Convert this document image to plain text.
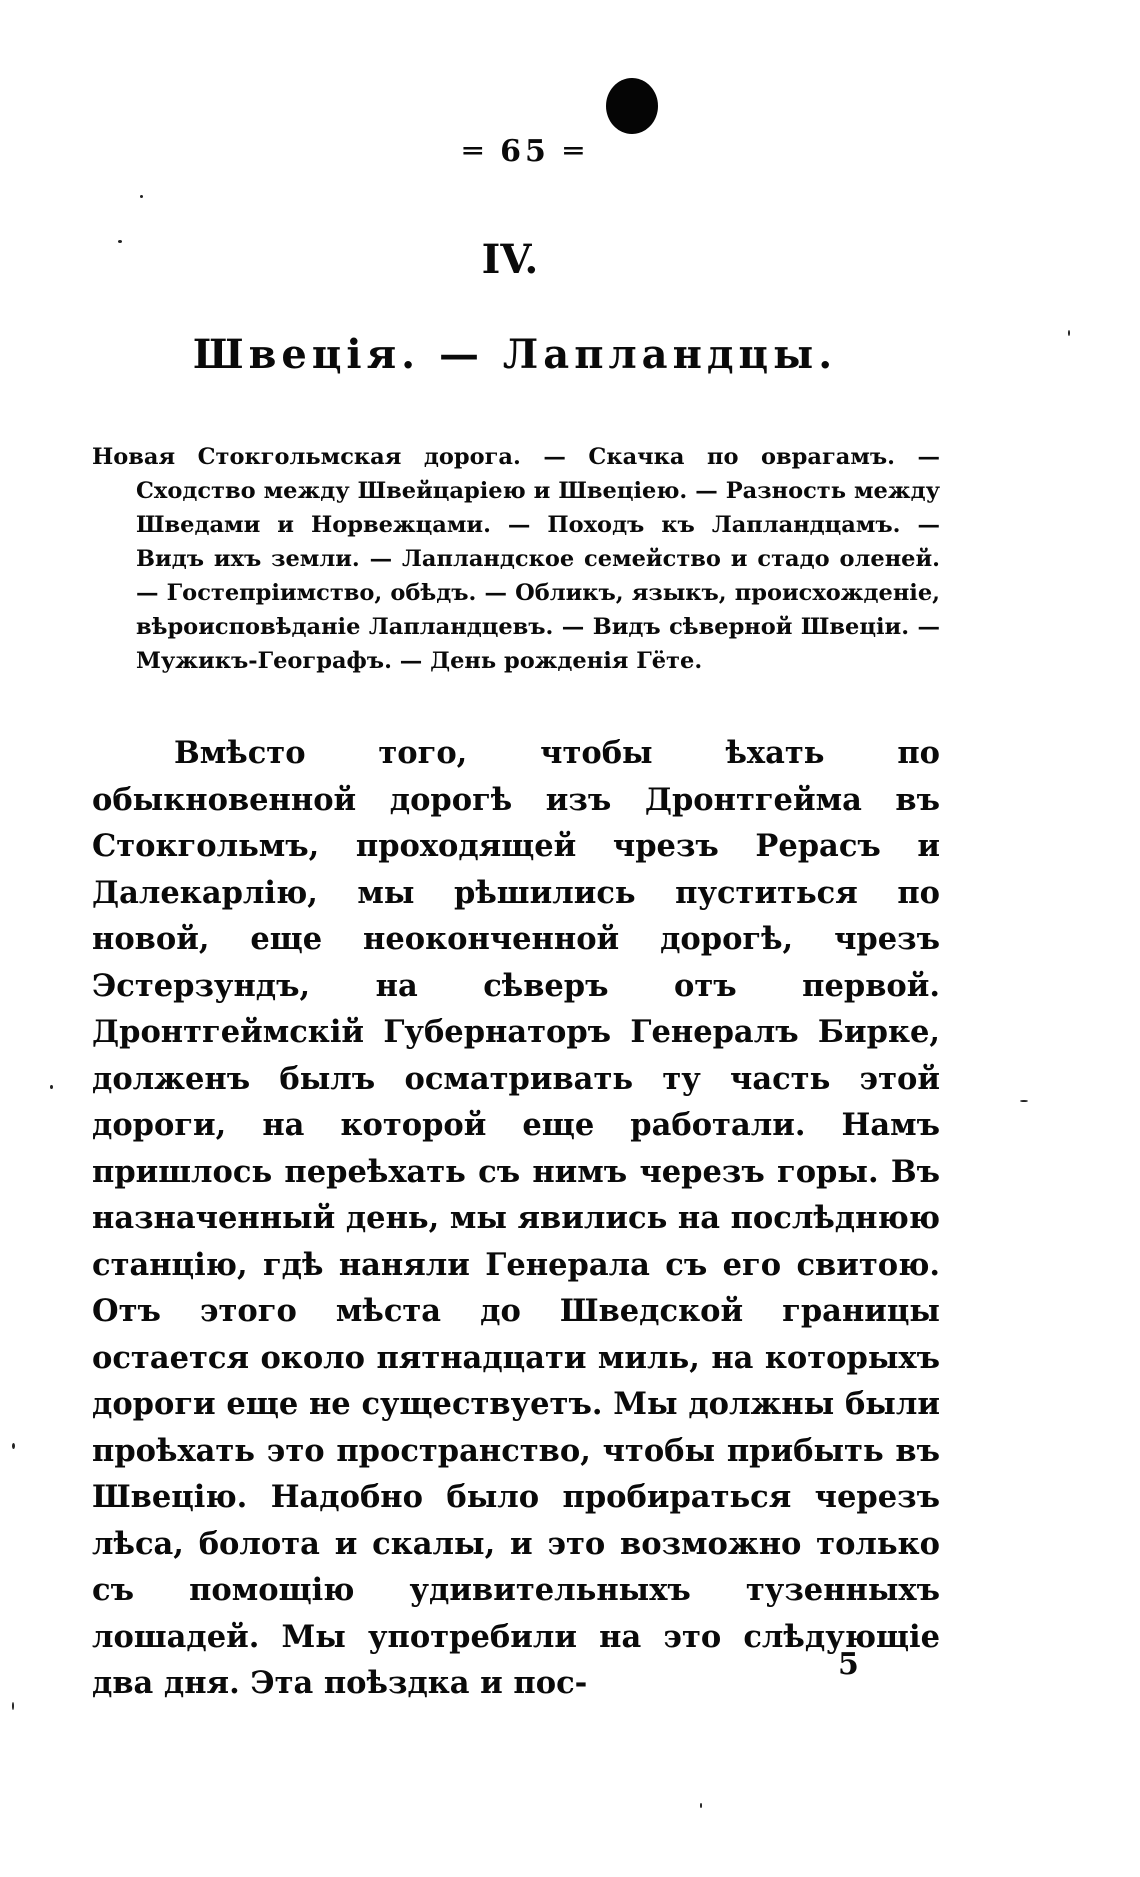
═ 65 ═
IV.
Швецiя. — Лапландцы.
Новая Стокгольмская дорога. — Скачка по оврагамъ. — Сходство между Швейцарiею и Швецiею. — Разность между Шведами и Норвежцами. — Походъ къ Лапландцамъ. — Видъ ихъ земли. — Лапландское семейство и стадо оленей. — Гостепрiимство, обѣдъ. — Обликъ, языкъ, происхожденiе, вѣроисповѣданiе Лапландцевъ. — Видъ сѣверной Швецiи. — Мужикъ-Географъ. — День рожденiя Гёте.

Вмѣсто того, чтобы ѣхать по обыкновенной дорогѣ изъ Дронтгейма въ Стокгольмъ, проходящей чрезъ Рерасъ и Далекарлiю, мы рѣшились пуститься по новой, еще неоконченной дорогѣ, чрезъ Эстерзундъ, на сѣверъ отъ первой. Дронтгеймскiй Губернаторъ Генералъ Бирке, долженъ былъ осматривать ту часть этой дороги, на которой еще работали. Намъ пришлось переѣхать съ нимъ черезъ горы. Въ назначенный день, мы явились на послѣднюю станцiю, гдѣ наняли Генерала съ его свитою. Отъ этого мѣста до Шведской границы остается около пятнадцати миль, на которыхъ дороги еще не существуетъ. Мы должны были проѣхать это пространство, чтобы прибыть въ Швецiю. Надобно было пробираться черезъ лѣса, болота и скалы, и это возможно только съ помощiю удивительныхъ тузенныхъ лошадей. Мы употребили на это слѣдующiе два дня. Эта поѣздка и пос-

5
